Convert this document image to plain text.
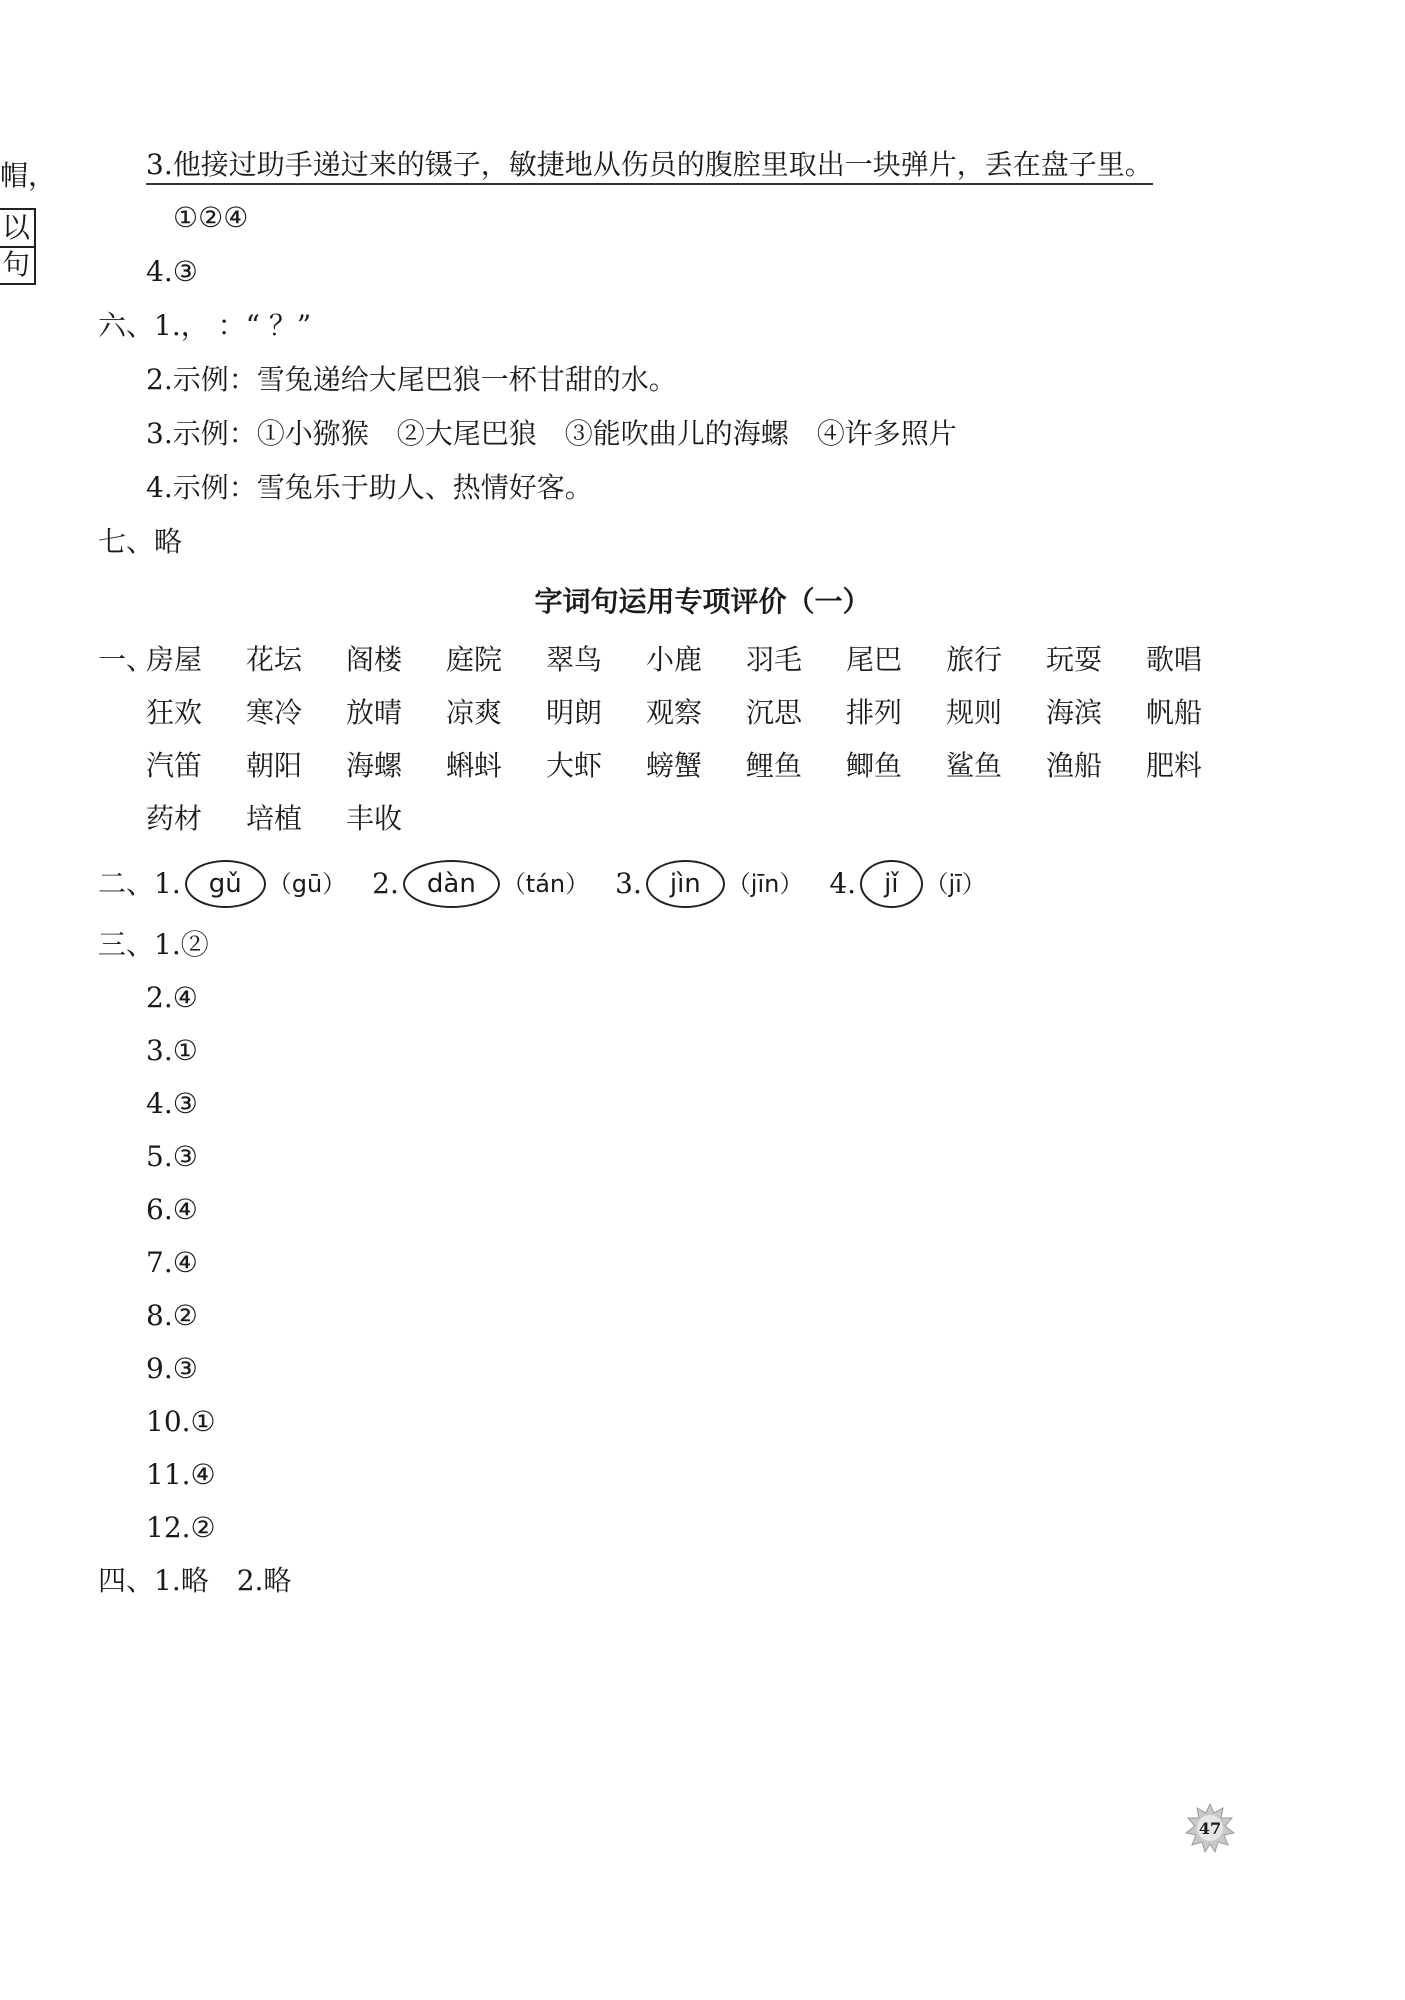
帽，
以
句
3.他接过助手递过来的镊子，敏捷地从伤员的腹腔里取出一块弹片，丢在盘子里。
①②④
4.③
六、1.， ：“ ？”
2.示例：雪兔递给大尾巴狼一杯甘甜的水。
3.示例：①小猕猴　②大尾巴狼　③能吹曲儿的海螺　④许多照片
4.示例：雪兔乐于助人、热情好客。
七、略
字词句运用专项评价（一）
一、
房屋	花坛	阁楼	庭院	翠鸟	小鹿	羽毛	尾巴	旅行	玩耍	歌唱
狂欢	寒冷	放晴	凉爽	明朗	观察	沉思	排列	规则	海滨	帆船
汽笛	朝阳	海螺	蝌蚪	大虾	螃蟹	鲤鱼	鲫鱼	鲨鱼	渔船	肥料
药材	培植	丰收
二、 1.	gǔ	（gū） 2.	dàn	（tán） 3.	jìn	（jīn） 4.	jǐ	（jī）
三、1.②
2.④
3.①
4.③
5.③
6.④
7.④
8.②
9.③
10.①
11.④
12.②
四、1.略　2.略
47
